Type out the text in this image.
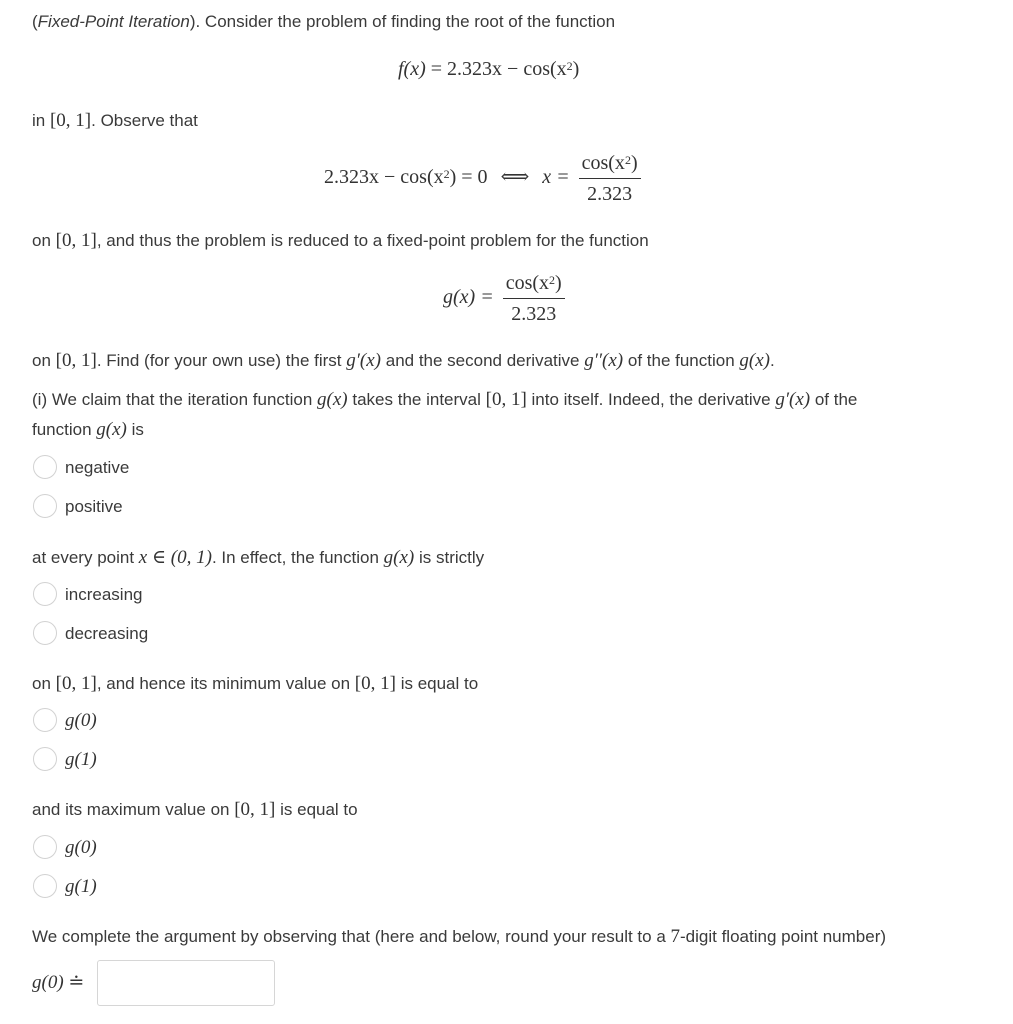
(Fixed-Point Iteration). Consider the problem of finding the root of the function
$f(x) = 2.323x - \cos(x^2)$
in [0, 1]. Observe that
$2.323x - \cos(x^2) = 0$ ⟺ $x = \frac{\cos(x^2)}{2.323}$
on [0, 1], and thus the problem is reduced to a fixed-point problem for the function
$g(x) = \frac{\cos(x^2)}{2.323}$
on [0, 1]. Find (for your own use) the first g′(x) and the second derivative g′′(x) of the function g(x).
(i) We claim that the iteration function g(x) takes the interval [0, 1] into itself. Indeed, the derivative g′(x) of the
function g(x) is
negative
positive
at every point x ∈ (0, 1). In effect, the function g(x) is strictly
increasing
decreasing
on [0, 1], and hence its minimum value on [0, 1] is equal to
g(0)
g(1)
and its maximum value on [0, 1] is equal to
g(0)
g(1)
We complete the argument by observing that (here and below, round your result to a 7-digit floating point number)
g(0) ≐
